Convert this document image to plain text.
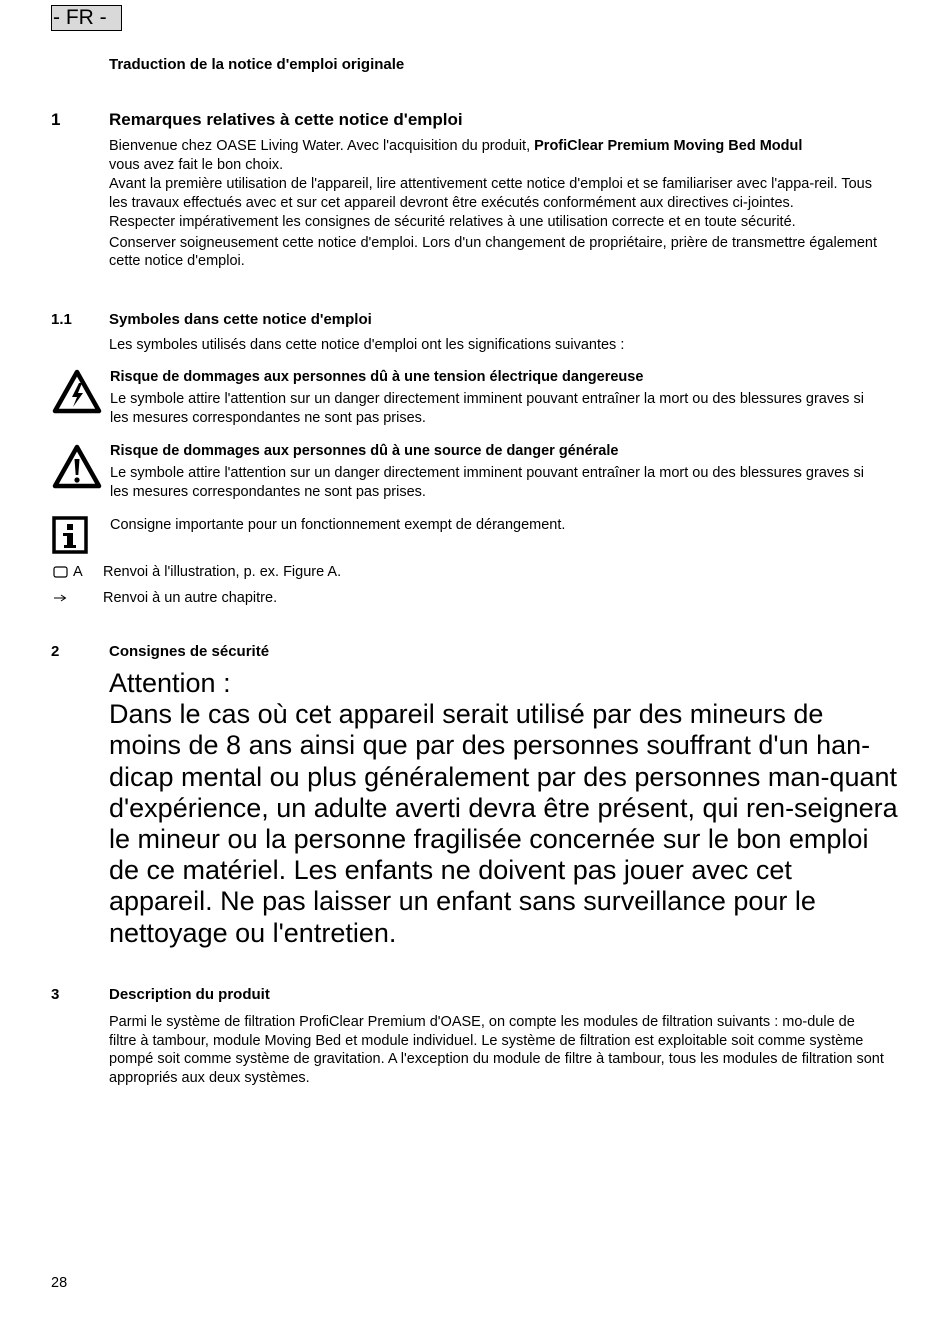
- FR -
Traduction de la notice d'emploi originale
1	Remarques relatives à cette notice d'emploi

Bienvenue chez OASE Living Water. Avec l'acquisition du produit, ProfiClear Premium Moving Bed Modul
vous avez fait le bon choix.

Avant la première utilisation de l'appareil, lire attentivement cette notice d'emploi et se familiariser avec l'appa-reil. Tous les travaux effectués avec et sur cet appareil devront être exécutés conformément aux directives ci-jointes.

Respecter impérativement les consignes de sécurité relatives à une utilisation correcte et en toute sécurité.

Conserver soigneusement cette notice d'emploi. Lors d'un changement de propriétaire, prière de transmettre également cette notice d'emploi.

1.1 Symboles dans cette notice d'emploi
Les symboles utilisés dans cette notice d'emploi ont les significations suivantes :
Risque de dommages aux personnes dû à une tension électrique dangereuse
Le symbole attire l'attention sur un danger directement imminent pouvant entraîner la mort ou des blessures graves si les mesures correspondantes ne sont pas prises.
Risque de dommages aux personnes dû à une source de danger générale
Le symbole attire l'attention sur un danger directement imminent pouvant entraîner la mort ou des blessures graves si les mesures correspondantes ne sont pas prises.
Consigne importante pour un fonctionnement exempt de dérangement.
A Renvoi à l'illustration, p. ex. Figure A.
Renvoi à un autre chapitre.
2	Consignes de sécurité

Attention :

Dans le cas où cet appareil serait utilisé par des mineurs de moins de 8 ans ainsi que par des personnes souffrant d'un han-dicap mental ou plus généralement par des personnes man-quant d'expérience, un adulte averti devra être présent, qui ren-seignera le mineur ou la personne fragilisée concernée sur le bon emploi de ce matériel. Les enfants ne doivent pas jouer avec cet appareil. Ne pas laisser un enfant sans surveillance pour le nettoyage ou l'entretien.

3	Description du produit
Parmi le système de filtration ProfiClear Premium d'OASE, on compte les modules de filtration suivants : mo-dule de filtre à tambour, module Moving Bed et module individuel. Le système de filtration est exploitable soit comme système pompé soit comme système de gravitation. A l'exception du module de filtre à tambour, tous les modules de filtration sont appropriés aux deux systèmes.
28
